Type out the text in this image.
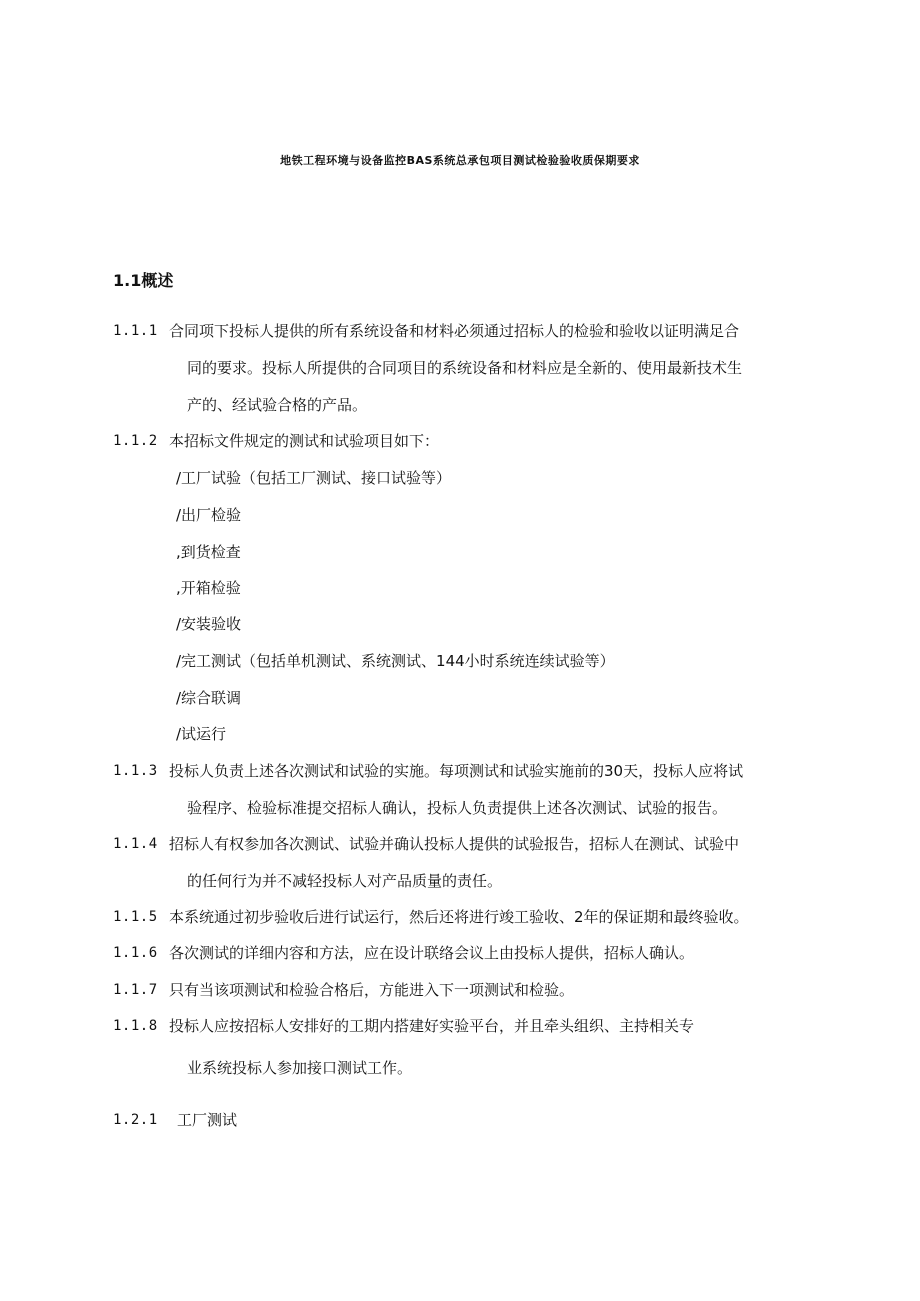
地铁工程环境与设备监控BAS系统总承包项目测试检验验收质保期要求
1.1概述
1.1.1 合同项下投标人提供的所有系统设备和材料必须通过招标人的检验和验收以证明满足合
同的要求。投标人所提供的合同项目的系统设备和材料应是全新的、使用最新技术生
产的、经试验合格的产品。
1.1.2 本招标文件规定的测试和试验项目如下：
/工厂试验（包括工厂测试、接口试验等）
/出厂检验
,到货检查
,开箱检验
/安装验收
/完工测试（包括单机测试、系统测试、144小时系统连续试验等）
/综合联调
/试运行
1.1.3 投标人负责上述各次测试和试验的实施。每项测试和试验实施前的30天，投标人应将试
验程序、检验标准提交招标人确认，投标人负责提供上述各次测试、试验的报告。
1.1.4 招标人有权参加各次测试、试验并确认投标人提供的试验报告，招标人在测试、试验中
的任何行为并不减轻投标人对产品质量的责任。
1.1.5 本系统通过初步验收后进行试运行，然后还将进行竣工验收、2年的保证期和最终验收。
1.1.6 各次测试的详细内容和方法，应在设计联络会议上由投标人提供，招标人确认。
1.1.7 只有当该项测试和检验合格后，方能进入下一项测试和检验。
1.1.8 投标人应按招标人安排好的工期内搭建好实验平台，并且牵头组织、主持相关专
业系统投标人参加接口测试工作。
1.2.1 工厂测试
